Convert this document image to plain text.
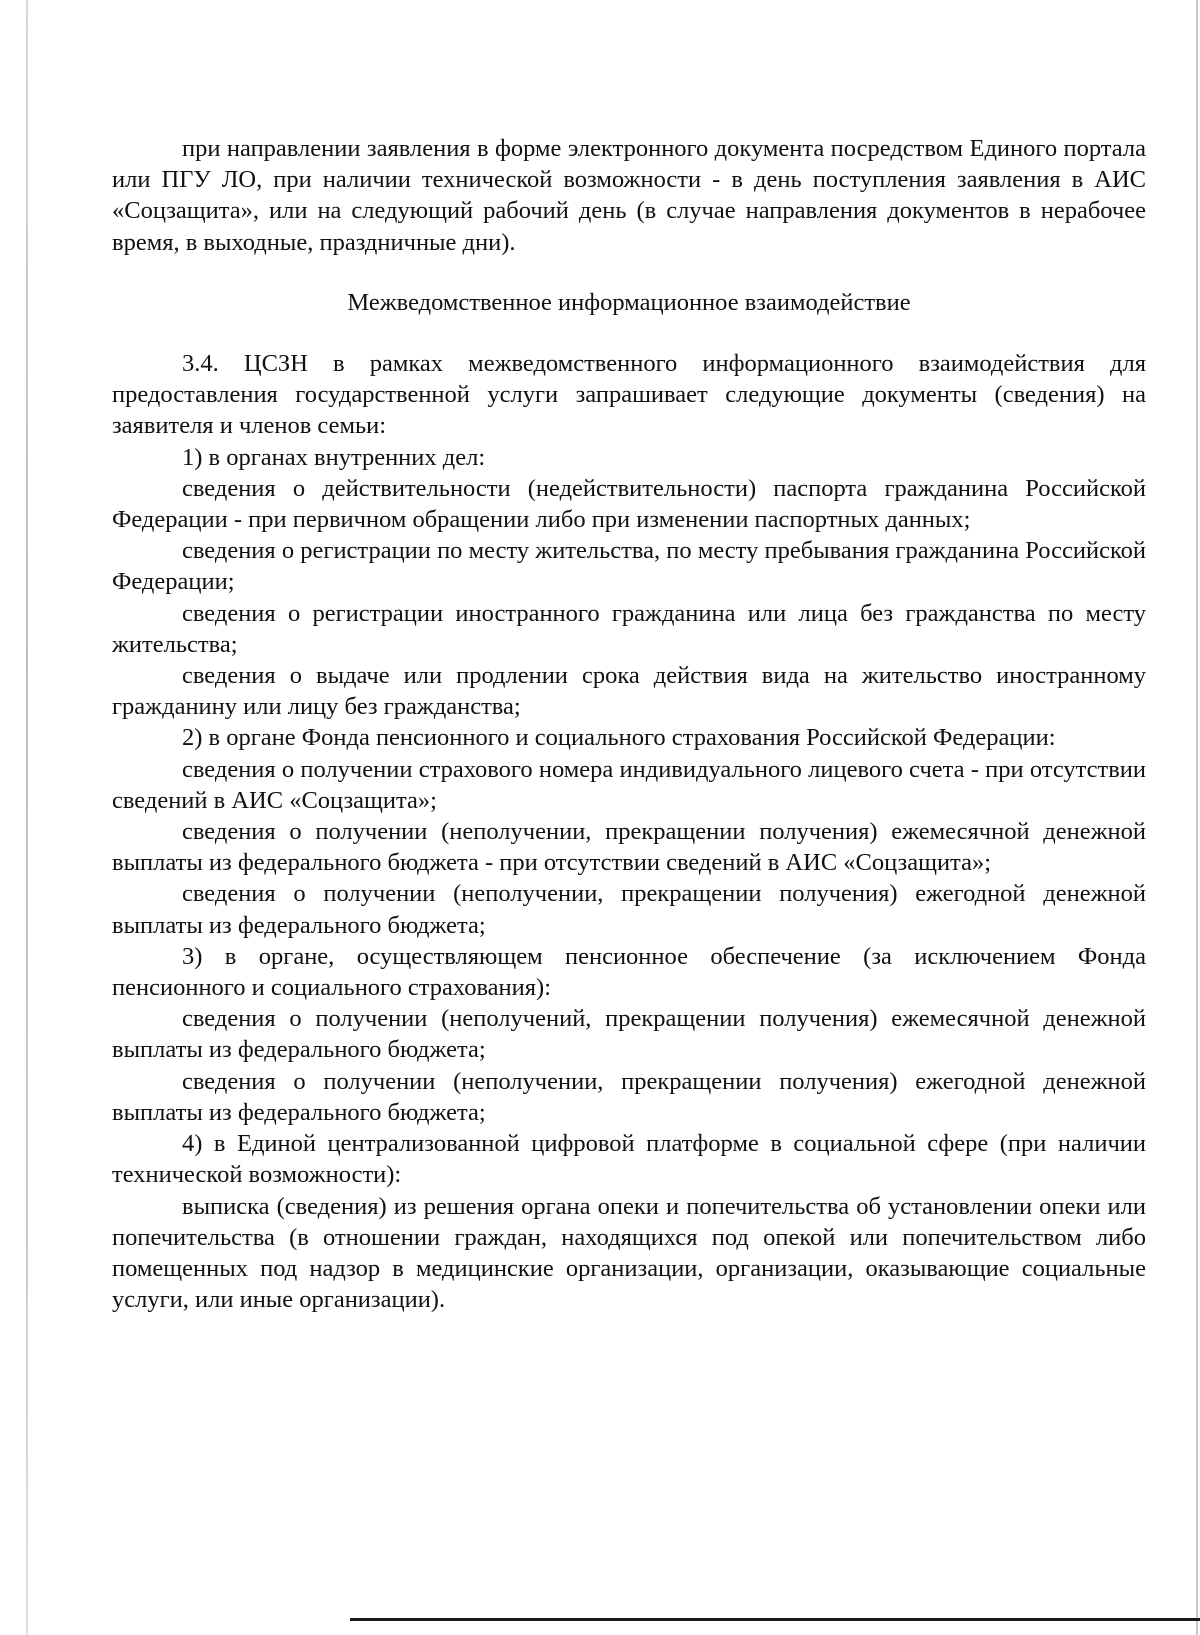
при направлении заявления в форме электронного документа посредством Единого портала или ПГУ ЛО, при наличии технической возможности - в день поступления заявления в АИС «Соцзащита», или на следующий рабочий день (в случае направления документов в нерабочее время, в выходные, праздничные дни).

Межведомственное информационное взаимодействие

3.4. ЦСЗН в рамках межведомственного информационного взаимодействия для предоставления государственной услуги запрашивает следующие документы (сведения) на заявителя и членов семьи:

1) в органах внутренних дел:

сведения о действительности (недействительности) паспорта гражданина Российской Федерации - при первичном обращении либо при изменении паспортных данных;

сведения о регистрации по месту жительства, по месту пребывания гражданина Российской Федерации;

сведения о регистрации иностранного гражданина или лица без гражданства по месту жительства;

сведения о выдаче или продлении срока действия вида на жительство иностранному гражданину или лицу без гражданства;

2) в органе Фонда пенсионного и социального страхования Российской Федерации:

сведения о получении страхового номера индивидуального лицевого счета - при отсутствии сведений в АИС «Соцзащита»;

сведения о получении (неполучении, прекращении получения) ежемесячной денежной выплаты из федерального бюджета - при отсутствии сведений в АИС «Соцзащита»;

сведения о получении (неполучении, прекращении получения) ежегодной денежной выплаты из федерального бюджета;

3) в органе, осуществляющем пенсионное обеспечение (за исключением Фонда пенсионного и социального страхования):

сведения о получении (неполучений, прекращении получения) ежемесячной денежной выплаты из федерального бюджета;

сведения о получении (неполучении, прекращении получения) ежегодной денежной выплаты из федерального бюджета;

4) в Единой централизованной цифровой платформе в социальной сфере (при наличии технической возможности):

выписка (сведения) из решения органа опеки и попечительства об установлении опеки или попечительства (в отношении граждан, находящихся под опекой или попечительством либо помещенных под надзор в медицинские организации, организации, оказывающие социальные услуги, или иные организации).
